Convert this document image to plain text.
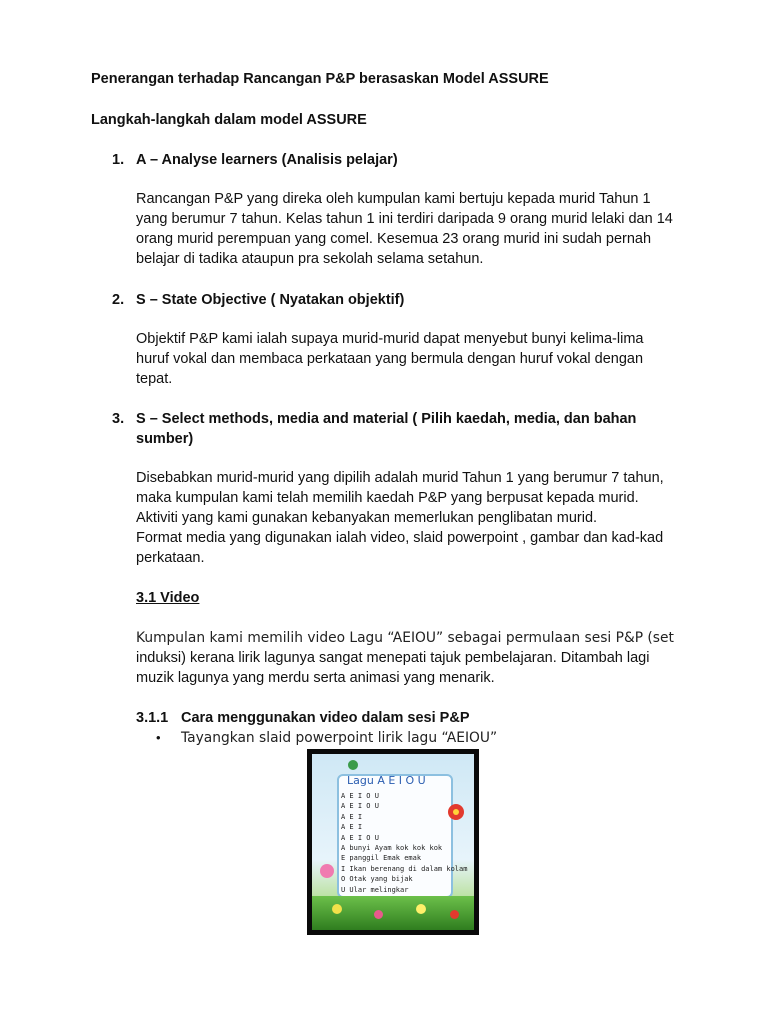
Penerangan terhadap Rancangan P&P berasaskan Model ASSURE
Langkah-langkah dalam model ASSURE
1. A – Analyse learners (Analisis pelajar)
Rancangan P&P yang direka oleh kumpulan kami bertuju kepada murid Tahun 1
yang berumur 7 tahun. Kelas tahun 1 ini terdiri daripada 9 orang murid lelaki dan 14
orang murid perempuan yang comel. Kesemua 23 orang murid ini sudah pernah
belajar di tadika ataupun pra sekolah selama setahun.
2. S – State Objective ( Nyatakan objektif)
Objektif P&P kami ialah supaya murid-murid dapat menyebut bunyi kelima-lima
huruf vokal dan membaca perkataan yang bermula dengan huruf vokal dengan
tepat.
3. S – Select methods, media and material ( Pilih kaedah, media, dan bahan
sumber)
Disebabkan murid-murid yang dipilih adalah murid Tahun 1 yang berumur 7 tahun,
maka kumpulan kami telah memilih kaedah P&P yang berpusat kepada murid.
Aktiviti yang kami gunakan kebanyakan memerlukan penglibatan murid.
Format media yang digunakan ialah video, slaid powerpoint , gambar dan kad-kad
perkataan.
3.1 Video
Kumpulan kami memilih video Lagu “AEIOU” sebagai permulaan sesi P&P (set
induksi) kerana lirik lagunya sangat menepati tajuk pembelajaran. Ditambah lagi
muzik lagunya yang merdu serta animasi yang menarik.
3.1.1 Cara menggunakan video dalam sesi P&P
• Tayangkan slaid powerpoint lirik lagu “AEIOU”
Lagu A E I O U
A E I O U
A E I O U
A E I
A E I
A E I O U
A bunyi Ayam kok kok kok
E panggil Emak emak
I Ikan berenang di dalam kolam
O Otak yang bijak
U Ular melingkar
